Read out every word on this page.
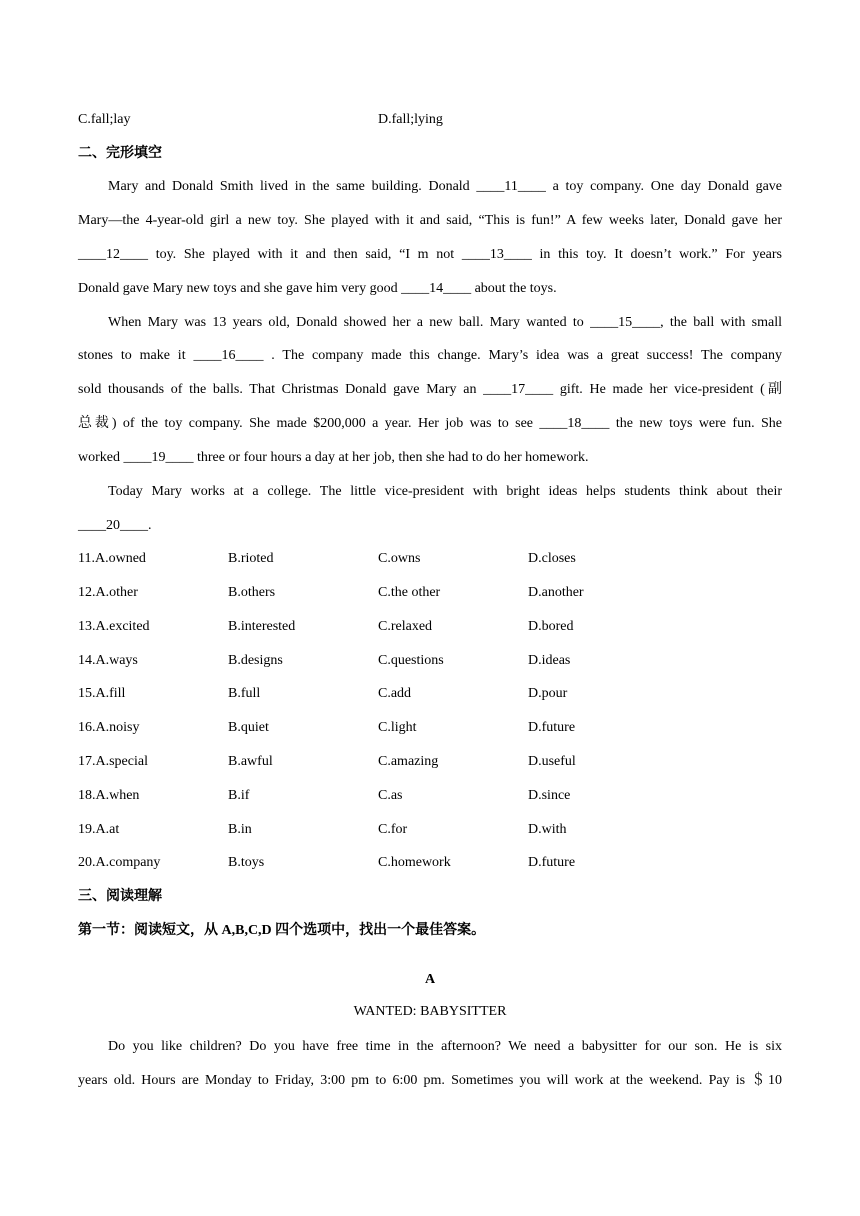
C.fall;lay	D.fall;lying
二、完形填空
Mary and Donald Smith lived in the same building. Donald ____11____ a toy company. One day Donald gave
Mary—the 4-year-old girl a new toy. She played with it and said, “This is fun!” A few weeks later, Donald gave her
____12____ toy. She played with it and then said, “I m not ____13____ in this toy. It doesn’t work.” For years
Donald gave Mary new toys and she gave him very good ____14____ about the toys.
When Mary was 13 years old, Donald showed her a new ball. Mary wanted to ____15____, the ball with small
stones to make it ____16____ . The company made this change. Mary’s idea was a great success! The company
sold thousands of the balls. That Christmas Donald gave Mary an ____17____ gift. He made her vice-president (副
总裁) of the toy company. She made $200,000 a year. Her job was to see ____18____ the new toys were fun. She
worked ____19____ three or four hours a day at her job, then she had to do her homework.
Today Mary works at a college. The little vice-president with bright ideas helps students think about their
____20____.
11.A.owned	B.rioted	C.owns	D.closes
12.A.other	B.others	C.the other	D.another
13.A.excited	B.interested	C.relaxed	D.bored
14.A.ways	B.designs	C.questions	D.ideas
15.A.fill	B.full	C.add	D.pour
16.A.noisy	B.quiet	C.light	D.future
17.A.special	B.awful	C.amazing	D.useful
18.A.when	B.if	C.as	D.since
19.A.at	B.in	C.for	D.with
20.A.company	B.toys	C.homework	D.future
三、阅读理解
第一节：阅读短文，从 A,B,C,D 四个选项中，找出一个最佳答案。
A
WANTED: BABYSITTER
Do you like children? Do you have free time in the afternoon? We need a babysitter for our son. He is six
years old. Hours are Monday to Friday, 3:00 pm to 6:00 pm. Sometimes you will work at the weekend. Pay is ＄10
